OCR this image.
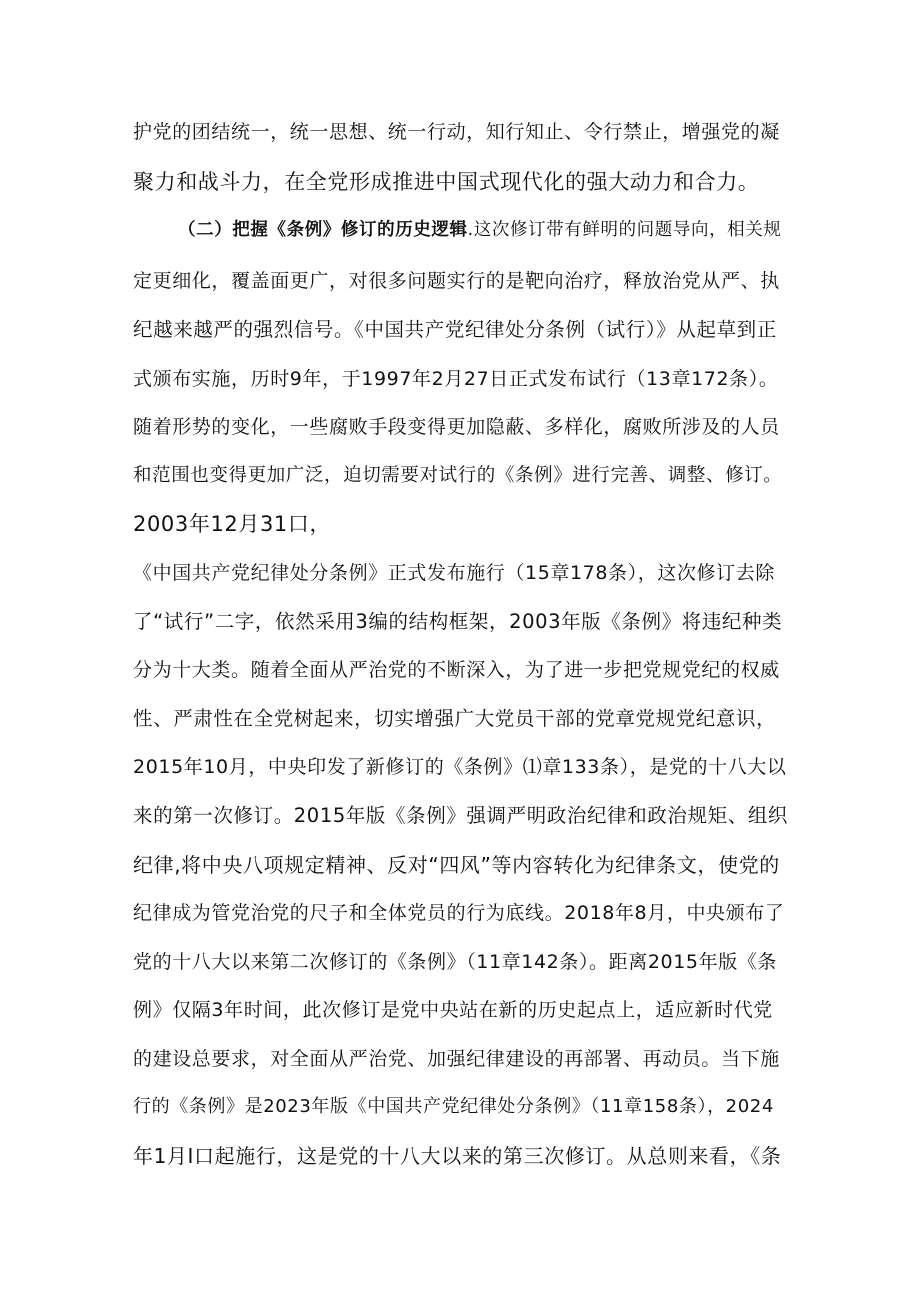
护党的团结统一，统一思想、统一行动，知行知止、令行禁止，增强党的凝
聚力和战斗力，在全党形成推进中国式现代化的强大动力和合力。
（二）把握《条例》修订的历史逻辑.这次修订带有鲜明的问题导向，相关规
定更细化，覆盖面更广，对很多问题实行的是靶向治疗，释放治党从严、执
纪越来越严的强烈信号。《中国共产党纪律处分条例（试行）》从起草到正
式颁布实施，历时9年，于1997年2月27日正式发布试行（13章172条）。
随着形势的变化，一些腐败手段变得更加隐蔽、多样化，腐败所涉及的人员
和范围也变得更加广泛，迫切需要对试行的《条例》进行完善、调整、修订。
2003年12月31口，
《中国共产党纪律处分条例》正式发布施行（15章178条），这次修订去除
了“试行”二字，依然采用3编的结构框架，2003年版《条例》将违纪种类
分为十大类。随着全面从严治党的不断深入，为了进一步把党规党纪的权威
性、严肃性在全党树起来，切实增强广大党员干部的党章党规党纪意识，
2015年10月，中央印发了新修订的《条例》⑴章133条），是党的十八大以
来的第一次修订。2015年版《条例》强调严明政治纪律和政治规矩、组织
纪律,将中央八项规定精神、反对“四风”等内容转化为纪律条文，使党的
纪律成为管党治党的尺子和全体党员的行为底线。2018年8月，中央颁布了
党的十八大以来第二次修订的《条例》（11章142条）。距离2015年版《条
例》仅隔3年时间，此次修订是党中央站在新的历史起点上，适应新时代党
的建设总要求，对全面从严治党、加强纪律建设的再部署、再动员。当下施
行的《条例》是2023年版《中国共产党纪律处分条例》（11章158条），2024
年1月I口起施行，这是党的十八大以来的第三次修订。从总则来看，《条
